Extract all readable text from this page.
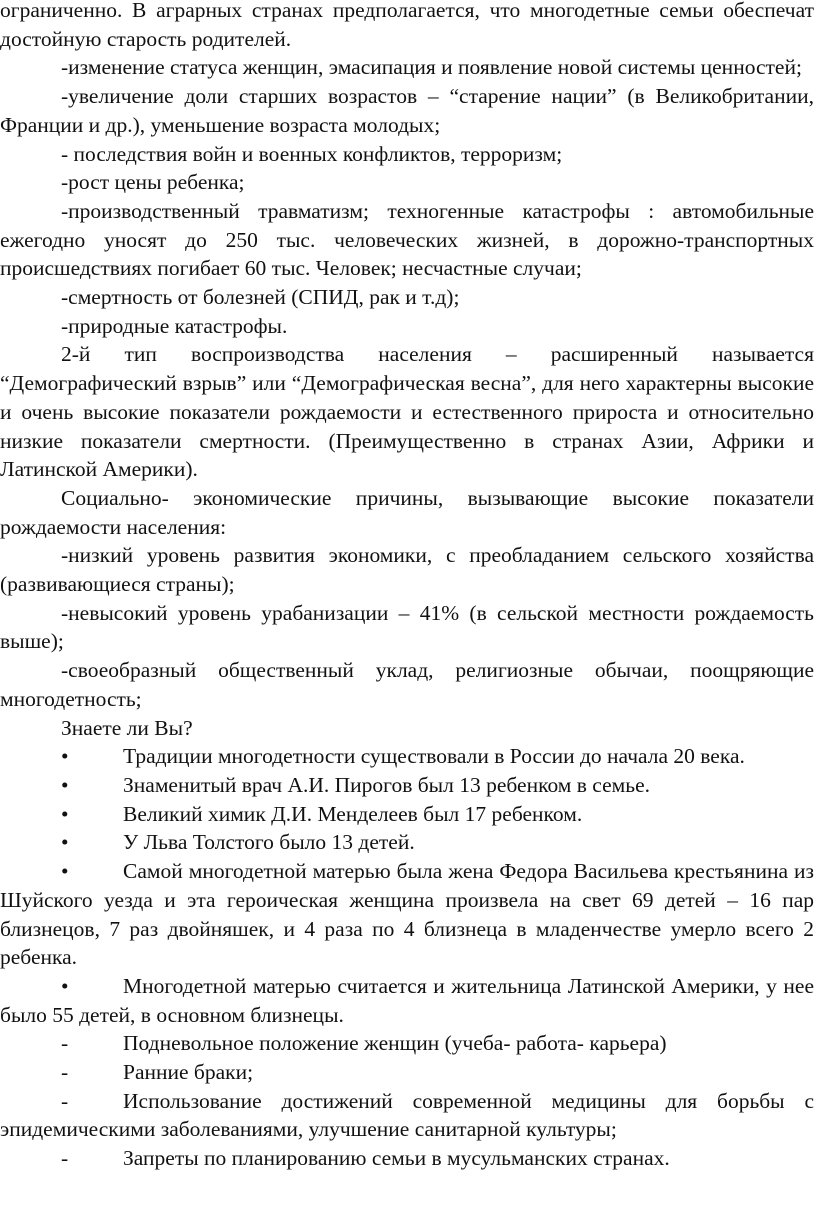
ограниченно. В аграрных странах предполагается, что многодетные семьи обеспечат достойную старость родителей.

-изменение статуса женщин, эмасипация и появление новой системы ценностей;

-увеличение доли старших возрастов – “старение нации” (в Великобритании, Франции и др.), уменьшение возраста молодых;

- последствия войн и военных конфликтов, терроризм;

-рост цены ребенка;

-производственный травматизм; техногенные катастрофы : автомобильные ежегодно уносят до 250 тыс. человеческих жизней, в дорожно-транспортных происшедствиях погибает 60 тыс. Человек; несчастные случаи;

-смертность от болезней (СПИД, рак и т.д);

-природные катастрофы.

2-й тип воспроизводства населения – расширенный называется “Демографический взрыв” или “Демографическая весна”, для него характерны высокие и очень высокие показатели рождаемости и естественного прироста и относительно низкие показатели смертности. (Преимущественно в странах Азии, Африки и Латинской Америки).

Социально- экономические причины, вызывающие высокие показатели рождаемости населения:

-низкий уровень развития экономики, с преобладанием сельского хозяйства (развивающиеся страны);

-невысокий уровень урабанизации – 41% (в сельской местности рождаемость выше);

-своеобразный общественный уклад, религиозные обычаи, поощряющие многодетность;

Знаете ли Вы?

•	Традиции многодетности существовали в России до начала 20 века.

•	Знаменитый врач А.И. Пирогов был 13 ребенком в семье.

•	Великий химик Д.И. Менделеев был 17 ребенком.

•	У Льва Толстого было 13 детей.

•	Самой многодетной матерью была жена Федора Васильева крестьянина из Шуйского уезда и эта героическая женщина произвела на свет 69 детей – 16 пар близнецов, 7 раз двойняшек, и 4 раза по 4 близнеца в младенчестве умерло всего 2 ребенка.

•	Многодетной матерью считается и жительница Латинской Америки, у нее было 55 детей, в основном близнецы.

-	Подневольное положение женщин (учеба- работа- карьера)

-	Ранние браки;

-	Использование достижений современной медицины для борьбы с эпидемическими заболеваниями, улучшение санитарной культуры;

-	Запреты по планированию семьи в мусульманских странах.
